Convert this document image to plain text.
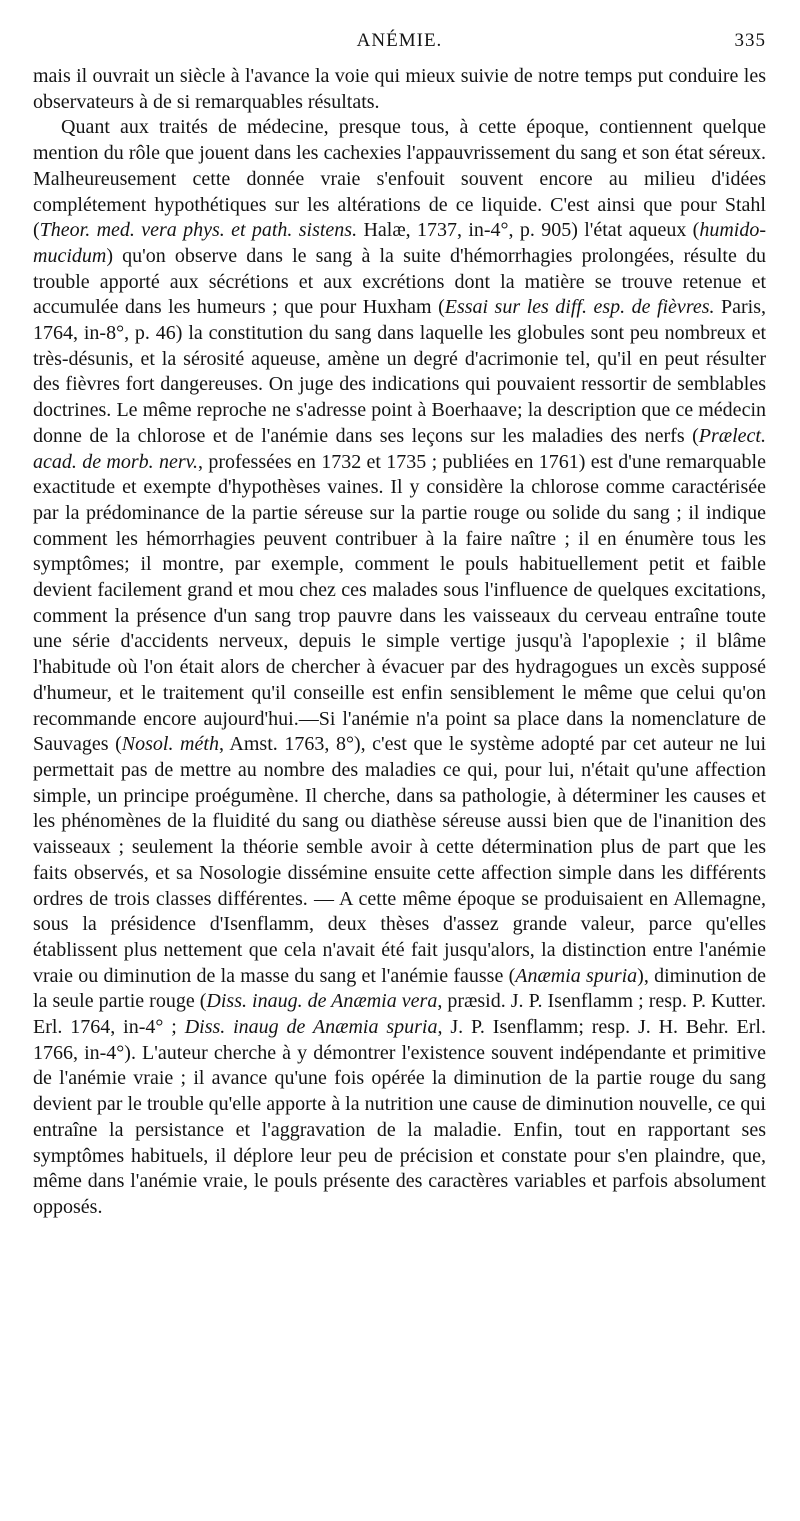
ANÉMIE.	335

mais il ouvrait un siècle à l'avance la voie qui mieux suivie de notre temps put conduire les observateurs à de si remarquables résultats.

Quant aux traités de médecine, presque tous, à cette époque, contiennent quelque mention du rôle que jouent dans les cachexies l'appauvrissement du sang et son état séreux. Malheureusement cette donnée vraie s'enfouit souvent encore au milieu d'idées complétement hypothétiques sur les altérations de ce liquide. C'est ainsi que pour Stahl (Theor. med. vera phys. et path. sistens. Halæ, 1737, in-4°, p. 905) l'état aqueux (humido-mucidum) qu'on observe dans le sang à la suite d'hémorrhagies prolongées, résulte du trouble apporté aux sécrétions et aux excrétions dont la matière se trouve retenue et accumulée dans les humeurs ; que pour Huxham (Essai sur les diff. esp. de fièvres. Paris, 1764, in-8°, p. 46) la constitution du sang dans laquelle les globules sont peu nombreux et très-désunis, et la sérosité aqueuse, amène un degré d'acrimonie tel, qu'il en peut résulter des fièvres fort dangereuses. On juge des indications qui pouvaient ressortir de semblables doctrines. Le même reproche ne s'adresse point à Boerhaave; la description que ce médecin donne de la chlorose et de l'anémie dans ses leçons sur les maladies des nerfs (Prælect. acad. de morb. nerv., professées en 1732 et 1735 ; publiées en 1761) est d'une remarquable exactitude et exempte d'hypothèses vaines. Il y considère la chlorose comme caractérisée par la prédominance de la partie séreuse sur la partie rouge ou solide du sang ; il indique comment les hémorrhagies peuvent contribuer à la faire naître ; il en énumère tous les symptômes; il montre, par exemple, comment le pouls habituellement petit et faible devient facilement grand et mou chez ces malades sous l'influence de quelques excitations, comment la présence d'un sang trop pauvre dans les vaisseaux du cerveau entraîne toute une série d'accidents nerveux, depuis le simple vertige jusqu'à l'apoplexie ; il blâme l'habitude où l'on était alors de chercher à évacuer par des hydragogues un excès supposé d'humeur, et le traitement qu'il conseille est enfin sensiblement le même que celui qu'on recommande encore aujourd'hui.—Si l'anémie n'a point sa place dans la nomenclature de Sauvages (Nosol. méth, Amst. 1763, 8°), c'est que le système adopté par cet auteur ne lui permettait pas de mettre au nombre des maladies ce qui, pour lui, n'était qu'une affection simple, un principe proégumène. Il cherche, dans sa pathologie, à déterminer les causes et les phénomènes de la fluidité du sang ou diathèse séreuse aussi bien que de l'inanition des vaisseaux ; seulement la théorie semble avoir à cette détermination plus de part que les faits observés, et sa Nosologie dissémine ensuite cette affection simple dans les différents ordres de trois classes différentes. — A cette même époque se produisaient en Allemagne, sous la présidence d'Isenflamm, deux thèses d'assez grande valeur, parce qu'elles établissent plus nettement que cela n'avait été fait jusqu'alors, la distinction entre l'anémie vraie ou diminution de la masse du sang et l'anémie fausse (Anæmia spuria), diminution de la seule partie rouge (Diss. inaug. de Anæmia vera, præsid. J. P. Isenflamm ; resp. P. Kutter. Erl. 1764, in-4° ; Diss. inaug de Anæmia spuria, J. P. Isenflamm; resp. J. H. Behr. Erl. 1766, in-4°). L'auteur cherche à y démontrer l'existence souvent indépendante et primitive de l'anémie vraie ; il avance qu'une fois opérée la diminution de la partie rouge du sang devient par le trouble qu'elle apporte à la nutrition une cause de diminution nouvelle, ce qui entraîne la persistance et l'aggravation de la maladie. Enfin, tout en rapportant ses symptômes habituels, il déplore leur peu de précision et constate pour s'en plaindre, que, même dans l'anémie vraie, le pouls présente des caractères variables et parfois absolument opposés.
